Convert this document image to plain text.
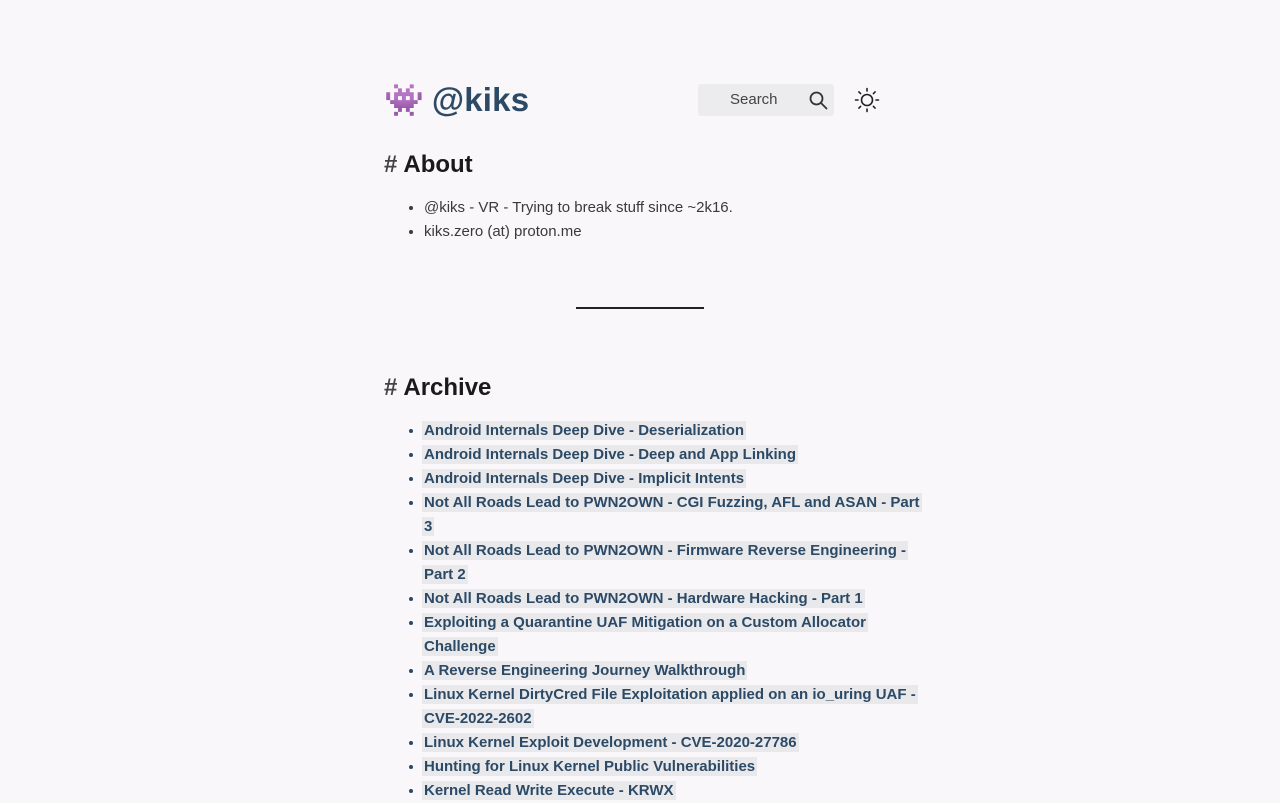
👾 @kiks	Search
# About
• @kiks - VR - Trying to break stuff since ~2k16.
• kiks.zero (at) proton.me
# Archive
• Android Internals Deep Dive - Deserialization
• Android Internals Deep Dive - Deep and App Linking
• Android Internals Deep Dive - Implicit Intents
• Not All Roads Lead to PWN2OWN - CGI Fuzzing, AFL and ASAN - Part 3
• Not All Roads Lead to PWN2OWN - Firmware Reverse Engineering - Part 2
• Not All Roads Lead to PWN2OWN - Hardware Hacking - Part 1
• Exploiting a Quarantine UAF Mitigation on a Custom Allocator Challenge
• A Reverse Engineering Journey Walkthrough
• Linux Kernel DirtyCred File Exploitation applied on an io_uring UAF - CVE-2022-2602
• Linux Kernel Exploit Development - CVE-2020-27786
• Hunting for Linux Kernel Public Vulnerabilities
• Kernel Read Write Execute - KRWX
